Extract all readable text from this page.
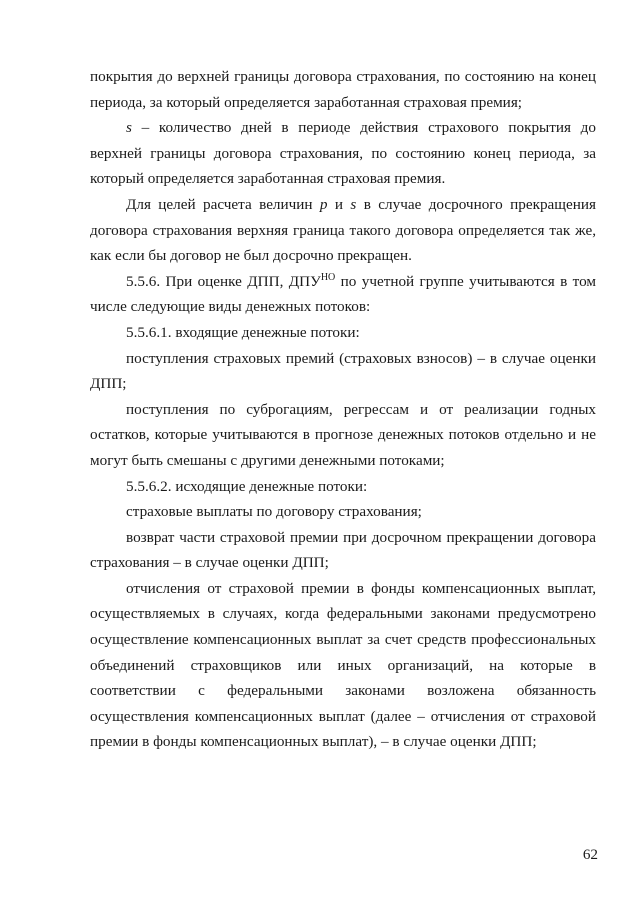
покрытия до верхней границы договора страхования, по состоянию на конец периода, за который определяется заработанная страховая премия;

s – количество дней в периоде действия страхового покрытия до верхней границы договора страхования, по состоянию конец периода, за который определяется заработанная страховая премия.

Для целей расчета величин p и s в случае досрочного прекращения договора страхования верхняя граница такого договора определяется так же, как если бы договор не был досрочно прекращен.

5.5.6. При оценке ДПП, $ДПУ^{НО}$ по учетной группе учитываются в том числе следующие виды денежных потоков:

5.5.6.1. входящие денежные потоки:

поступления страховых премий (страховых взносов) – в случае оценки ДПП;

поступления по суброгациям, регрессам и от реализации годных остатков, которые учитываются в прогнозе денежных потоков отдельно и не могут быть смешаны с другими денежными потоками;

5.5.6.2. исходящие денежные потоки:

страховые выплаты по договору страхования;

возврат части страховой премии при досрочном прекращении договора страхования – в случае оценки ДПП;

отчисления от страховой премии в фонды компенсационных выплат, осуществляемых в случаях, когда федеральными законами предусмотрено осуществление компенсационных выплат за счет средств профессиональных объединений страховщиков или иных организаций, на которые в соответствии с федеральными законами возложена обязанность осуществления компенсационных выплат (далее – отчисления от страховой премии в фонды компенсационных выплат), – в случае оценки ДПП;

62
